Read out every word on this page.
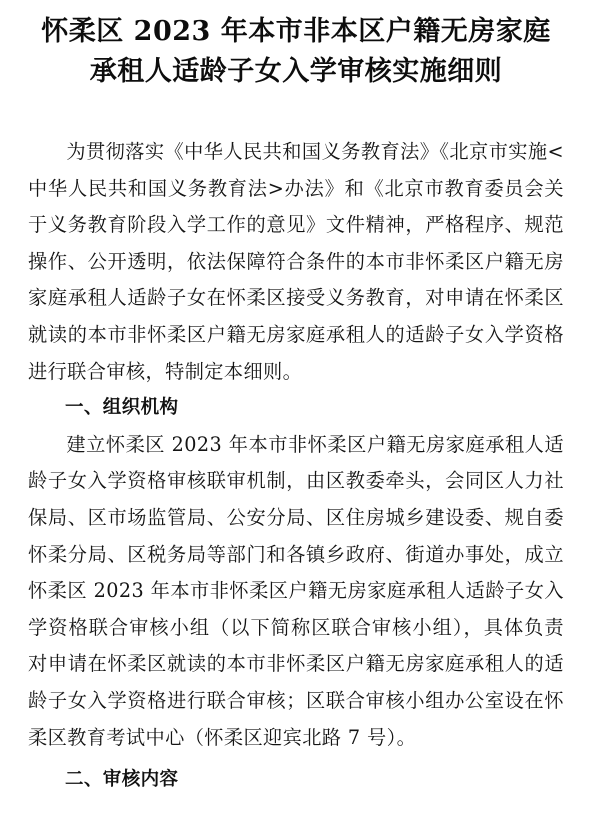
怀柔区 2023 年本市非本区户籍无房家庭
承租人适龄子女入学审核实施细则

为贯彻落实《中华人民共和国义务教育法》《北京市实施<中华人民共和国义务教育法>办法》和《北京市教育委员会关于义务教育阶段入学工作的意见》文件精神，严格程序、规范操作、公开透明，依法保障符合条件的本市非怀柔区户籍无房家庭承租人适龄子女在怀柔区接受义务教育，对申请在怀柔区就读的本市非怀柔区户籍无房家庭承租人的适龄子女入学资格进行联合审核，特制定本细则。

一、组织机构

建立怀柔区 2023 年本市非怀柔区户籍无房家庭承租人适龄子女入学资格审核联审机制，由区教委牵头，会同区人力社保局、区市场监管局、公安分局、区住房城乡建设委、规自委怀柔分局、区税务局等部门和各镇乡政府、街道办事处，成立怀柔区 2023 年本市非怀柔区户籍无房家庭承租人适龄子女入学资格联合审核小组（以下简称区联合审核小组），具体负责对申请在怀柔区就读的本市非怀柔区户籍无房家庭承租人的适龄子女入学资格进行联合审核；区联合审核小组办公室设在怀柔区教育考试中心（怀柔区迎宾北路 7 号）。

二、审核内容
